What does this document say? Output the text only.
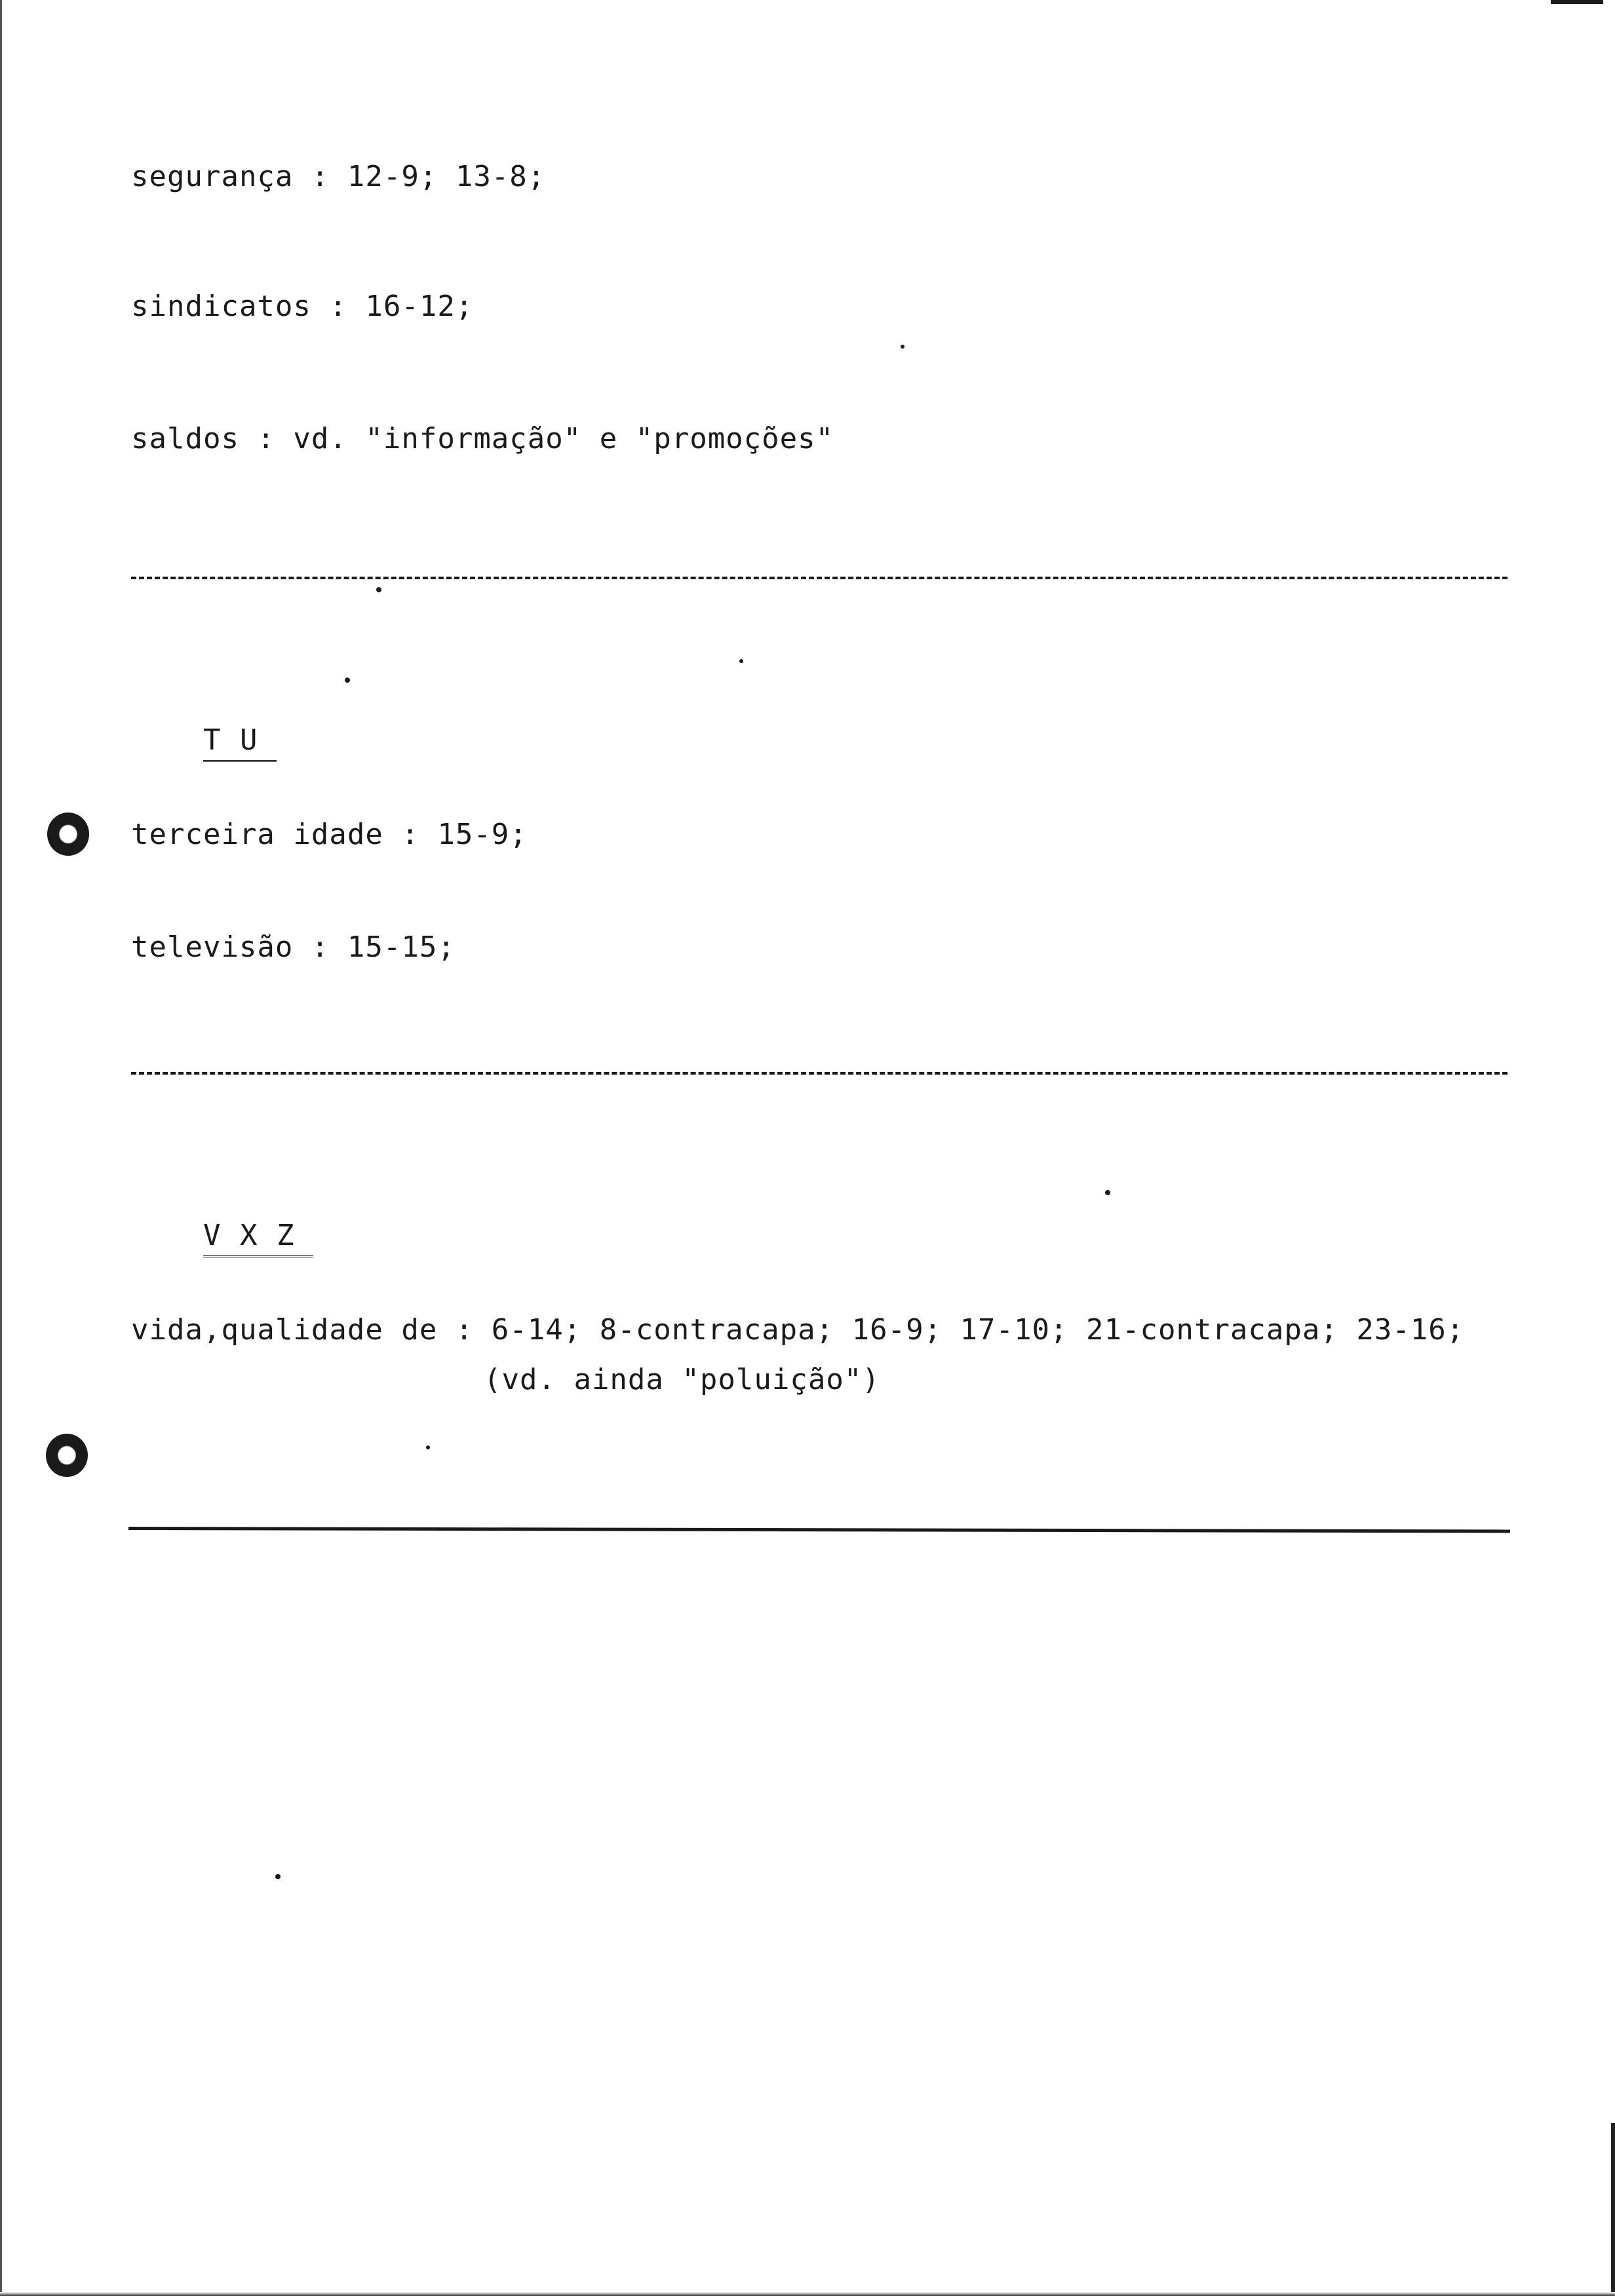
segurança : 12-9; 13-8;
sindicatos : 16-12;
saldos : vd. "informação" e "promoções"

T U

terceira idade : 15-9;
televisão : 15-15;

V X Z

vida,qualidade de : 6-14; 8-contracapa; 16-9; 17-10; 21-contracapa; 23-16;
(vd. ainda "poluição")
